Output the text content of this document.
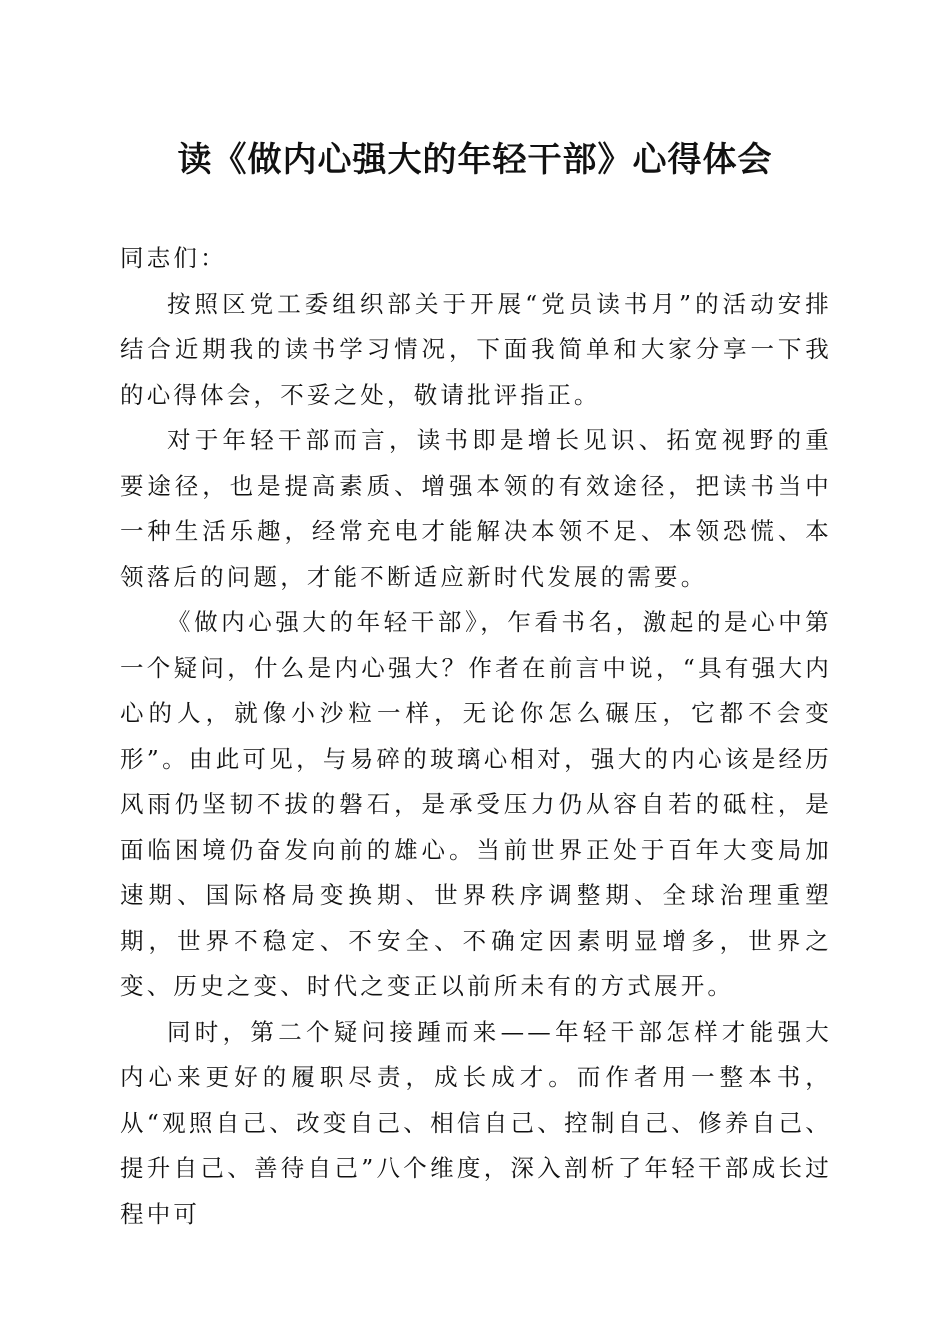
读《做内心强大的年轻干部》心得体会

同志们：

按照区党工委组织部关于开展“党员读书月”的活动安排结合近期我的读书学习情况，下面我简单和大家分享一下我的心得体会，不妥之处，敬请批评指正。

对于年轻干部而言，读书即是增长见识、拓宽视野的重要途径，也是提高素质、增强本领的有效途径，把读书当中一种生活乐趣，经常充电才能解决本领不足、本领恐慌、本领落后的问题，才能不断适应新时代发展的需要。

《做内心强大的年轻干部》，乍看书名，激起的是心中第一个疑问，什么是内心强大？作者在前言中说，“具有强大内心的人，就像小沙粒一样，无论你怎么碾压，它都不会变形”。由此可见，与易碎的玻璃心相对，强大的内心该是经历风雨仍坚韧不拔的磐石，是承受压力仍从容自若的砥柱，是面临困境仍奋发向前的雄心。当前世界正处于百年大变局加速期、国际格局变换期、世界秩序调整期、全球治理重塑期，世界不稳定、不安全、不确定因素明显增多，世界之变、历史之变、时代之变正以前所未有的方式展开。

同时，第二个疑问接踵而来——年轻干部怎样才能强大内心来更好的履职尽责，成长成才。而作者用一整本书，从“观照自己、改变自己、相信自己、控制自己、修养自己、提升自己、善待自己”八个维度，深入剖析了年轻干部成长过程中可
